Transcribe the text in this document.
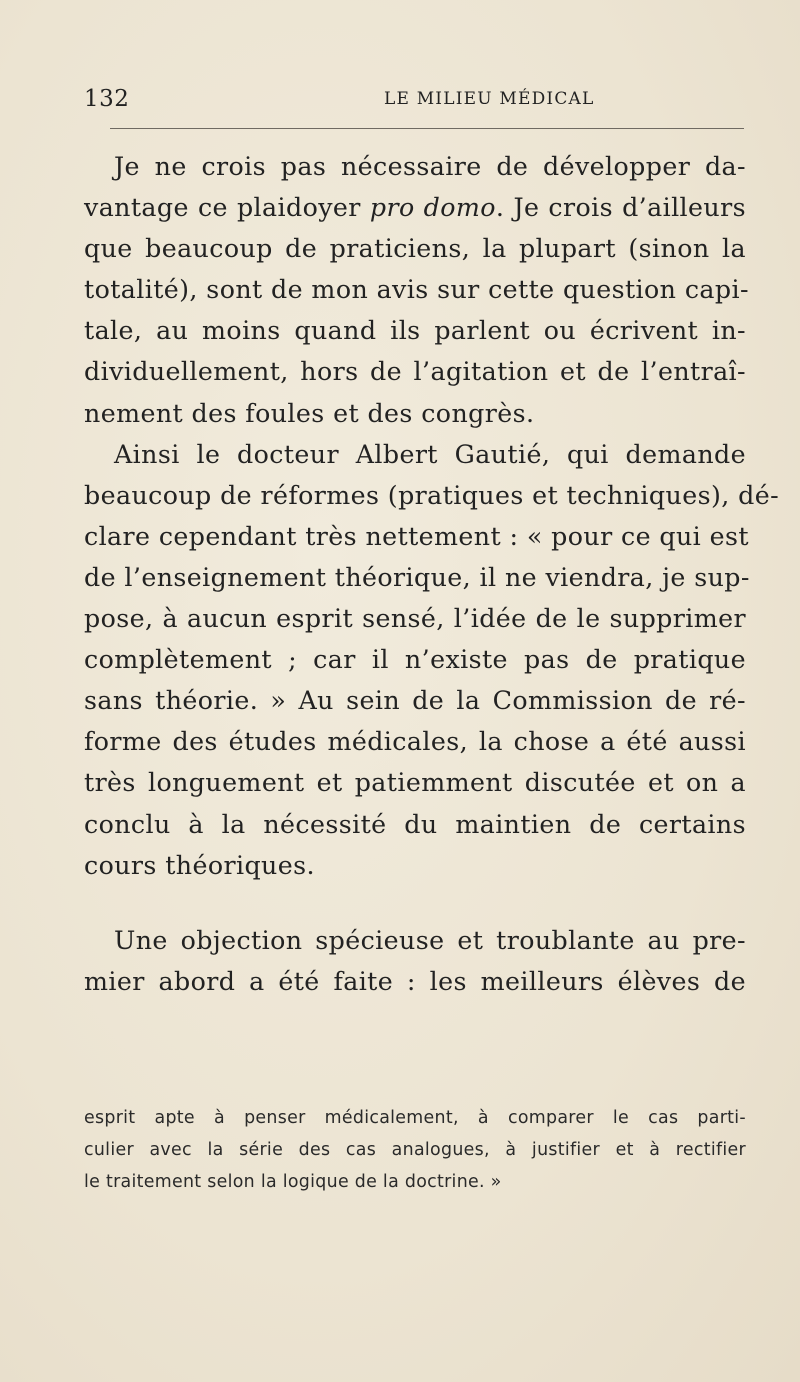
132	LE MILIEU MÉDICAL

Je ne crois pas nécessaire de développer da-
vantage ce plaidoyer pro domo. Je crois d’ailleurs
que beaucoup de praticiens, la plupart (sinon la
totalité), sont de mon avis sur cette question capi-
tale, au moins quand ils parlent ou écrivent in-
dividuellement, hors de l’agitation et de l’entraî-
nement des foules et des congrès.

Ainsi le docteur Albert Gautié, qui demande
beaucoup de réformes (pratiques et techniques), dé-
clare cependant très nettement : « pour ce qui est
de l’enseignement théorique, il ne viendra, je sup-
pose, à aucun esprit sensé, l’idée de le supprimer
complètement ; car il n’existe pas de pratique
sans théorie. » Au sein de la Commission de ré-
forme des études médicales, la chose a été aussi
très longuement et patiemment discutée et on a
conclu à la nécessité du maintien de certains
cours théoriques.

Une objection spécieuse et troublante au pre-
mier abord a été faite : les meilleurs élèves de

esprit apte à penser médicalement, à comparer le cas parti-
culier avec la série des cas analogues, à justifier et à rectifier
le traitement selon la logique de la doctrine. »
